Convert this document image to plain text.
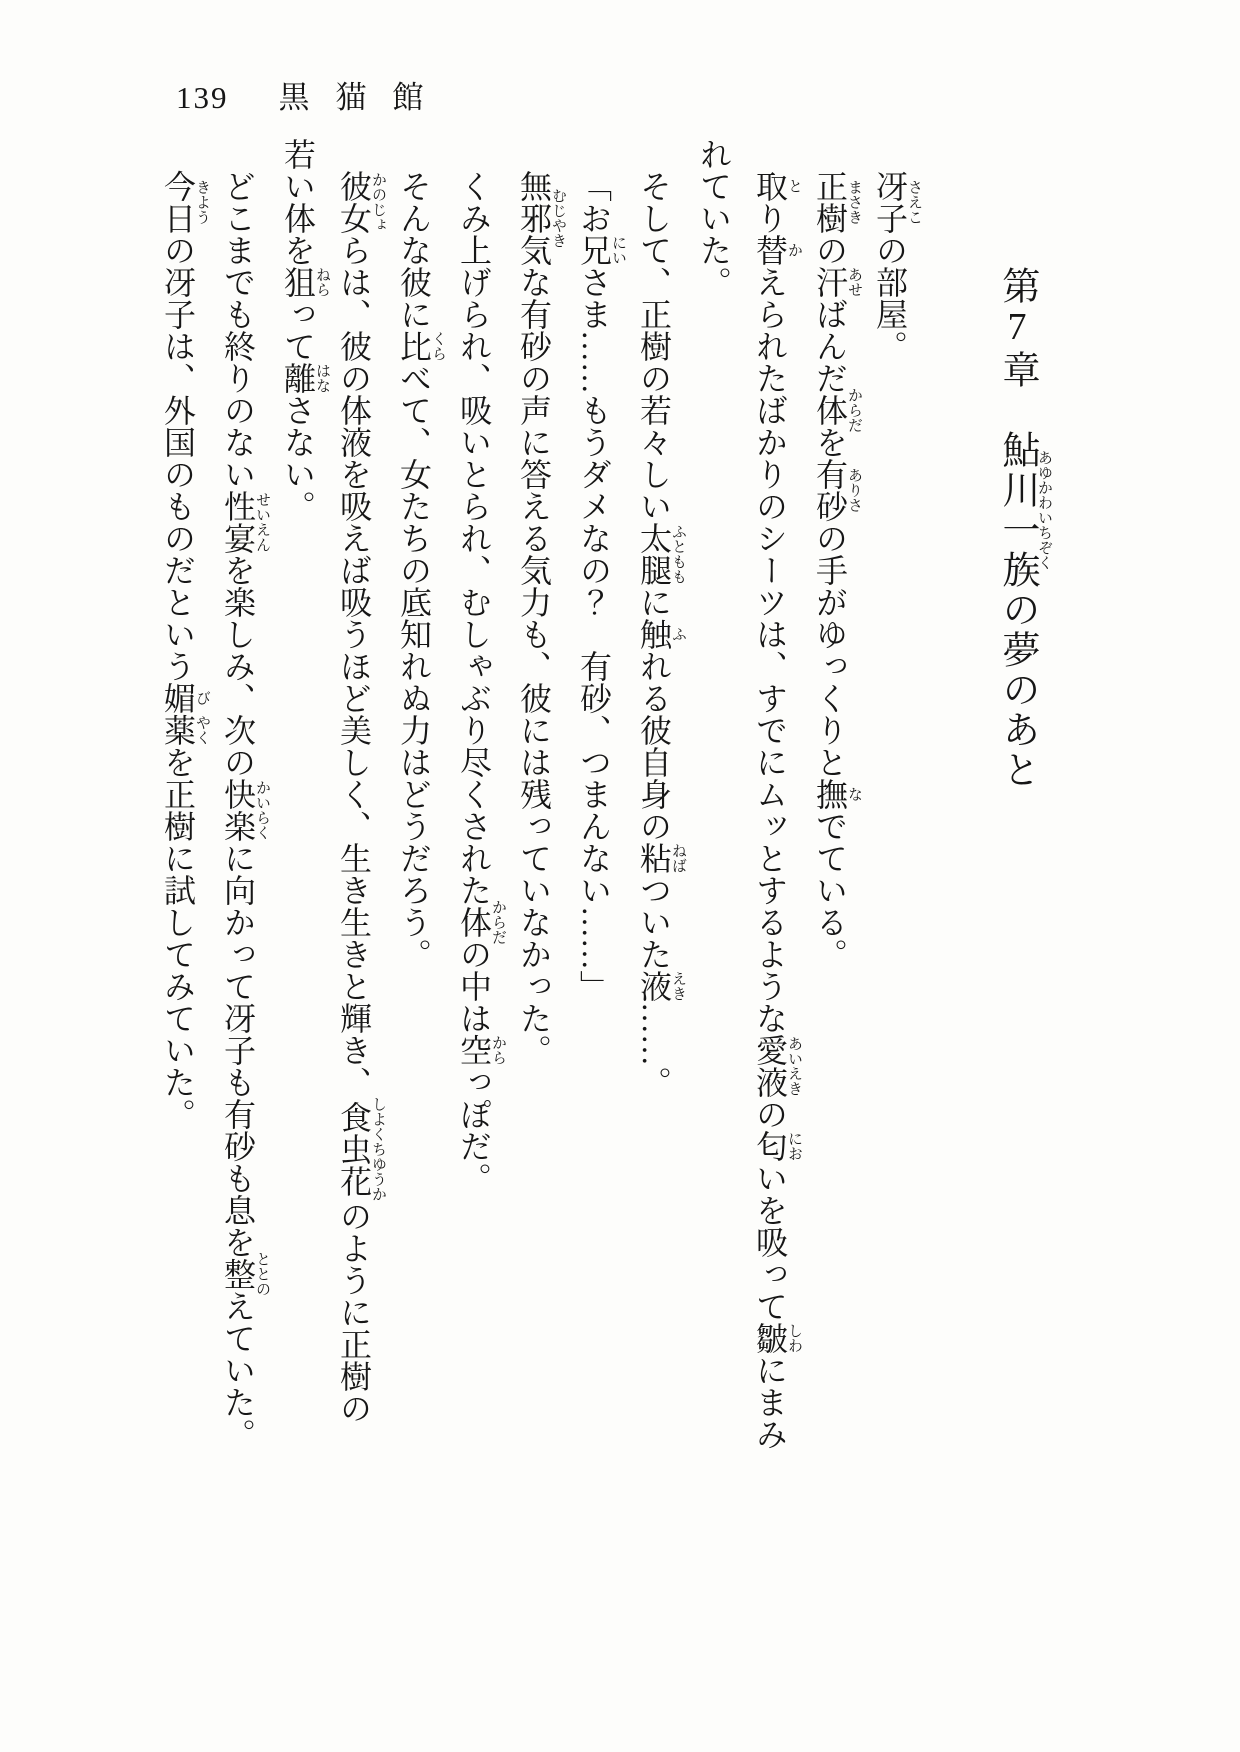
139 黒猫館
第7章　鮎川一族あゆかわいちぞくの夢のあと

冴子さえこの部屋。

正樹まさきの汗あせばんだ体からだを有砂ありさの手がゆっくりと撫なでている。

取とり替かえられたばかりのシーツは、すでにムッとするような愛液あいえきの匂においを吸って皺しわにまみれていた。

そして、正樹の若々しい太腿ふとももに触ふれる彼自身の粘ねばついた液えき……。

「お兄にいさま……もうダメなの？　有砂、つまんない……」

無邪気むじやきな有砂の声に答える気力も、彼には残っていなかった。

くみ上げられ、吸いとられ、むしゃぶり尽くされた体からだの中は空からっぽだ。

そんな彼に比くらべて、女たちの底知れぬ力はどうだろう。

彼女かのじょらは、彼の体液を吸えば吸うほど美しく、生き生きと輝き、食虫花しよくちゆうかのように正樹の若い体を狙ねらって離はなさない。

どこまでも終りのない性宴せいえんを楽しみ、次の快楽かいらくに向かって冴子も有砂も息を整ととのえていた。

今日きようの冴子は、外国のものだという媚び薬やくを正樹に試してみていた。
